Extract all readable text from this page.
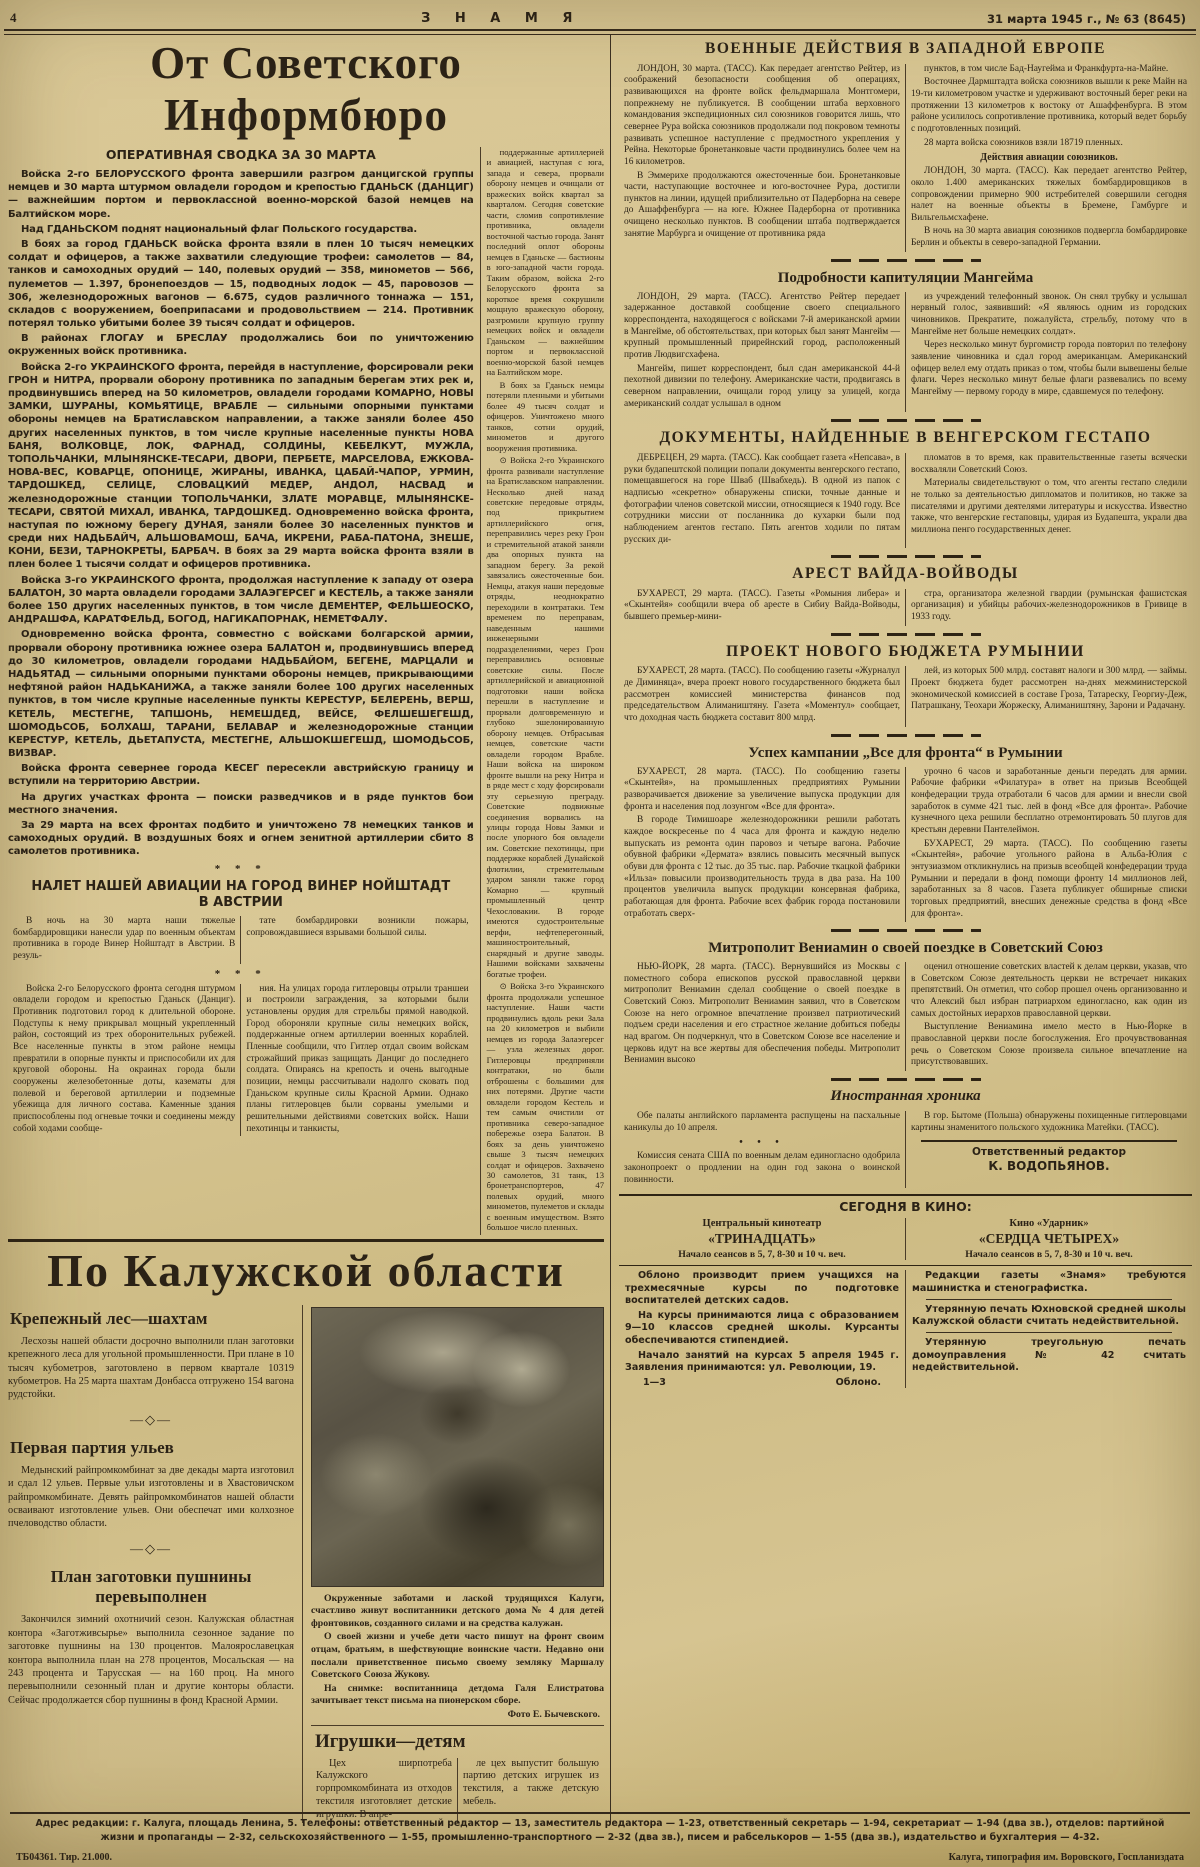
4	З Н А М Я	31 марта 1945 г., № 63 (8645)
От Советского Информбюро
ОПЕРАТИВНАЯ СВОДКА ЗА 30 МАРТА

Войска 2-го БЕЛОРУССКОГО фронта завершили разгром данцигской группы немцев и 30 марта штурмом овладели городом и крепостью ГДАНЬСК (ДАНЦИГ) — важнейшим портом и первоклассной военно-морской базой немцев на Балтийском море.

Над ГДАНЬСКОМ поднят национальный флаг Польского государства.

В боях за город ГДАНЬСК войска фронта взяли в плен 10 тысяч немецких солдат и офицеров, а также захватили следующие трофеи: самолетов — 84, танков и самоходных орудий — 140, полевых орудий — 358, минометов — 566, пулеметов — 1.397, бронепоездов — 15, подводных лодок — 45, паровозов — 306, железнодорожных вагонов — 6.675, судов различного тоннажа — 151, складов с вооружением, боеприпасами и продовольствием — 214. Противник потерял только убитыми более 39 тысяч солдат и офицеров.

В районах ГЛОГАУ и БРЕСЛАУ продолжались бои по уничтожению окруженных войск противника.

Войска 2-го УКРАИНСКОГО фронта, перейдя в наступление, форсировали реки ГРОН и НИТРА, прорвали оборону противника по западным берегам этих рек и, продвинувшись вперед на 50 километров, овладели городами КОМАРНО, НОВЫ ЗАМКИ, ШУРАНЫ, КОМЬЯТИЦЕ, ВРАБЛЕ — сильными опорными пунктами обороны немцев на Братиславском направлении, а также заняли более 450 других населенных пунктов, в том числе крупные населенные пункты НОВА БАНЯ, ВОЛКОВЦЕ, ЛОК, ФАРНАД, СОЛДИНЫ, КЕБЕЛКУТ, МУЖЛА, ТОПОЛЬЧАНКИ, МЛЫНЯНСКЕ-ТЕСАРИ, ДВОРИ, ПЕРБЕТЕ, МАРСЕЛОВА, ЕЖКОВА-НОВА-ВЕС, КОВАРЦЕ, ОПОНИЦЕ, ЖИРАНЫ, ИВАНКА, ЦАБАЙ-ЧАПОР, УРМИН, ТАРДОШКЕД, СЕЛИЦЕ, СЛОВАЦКИЙ МЕДЕР, АНДОЛ, НАСВАД и железнодорожные станции ТОПОЛЬЧАНКИ, ЗЛАТЕ МОРАВЦЕ, МЛЫНЯНСКЕ-ТЕСАРИ, СВЯТОЙ МИХАЛ, ИВАНКА, ТАРДОШКЕД. Одновременно войска фронта, наступая по южному берегу ДУНАЯ, заняли более 30 населенных пунктов и среди них НАДЬБАЙЧ, АЛЬШОВАМОШ, БАЧА, ИКРЕНИ, РАБА-ПАТОНА, ЗНЕШЕ, КОНИ, БЕЗИ, ТАРНОКРЕТЫ, БАРБАЧ. В боях за 29 марта войска фронта взяли в плен более 1 тысячи солдат и офицеров противника.

Войска 3-го УКРАИНСКОГО фронта, продолжая наступление к западу от озера БАЛАТОН, 30 марта овладели городами ЗАЛАЭГЕРСЕГ и КЕСТЕЛЬ, а также заняли более 150 других населенных пунктов, в том числе ДЕМЕНТЕР, ФЕЛЬШЕОСКО, АНДРАШФА, КАРАТФЕЛЬД, БОГОД, НАГИКАПОРНАК, НЕМЕТФАЛУ.

Одновременно войска фронта, совместно с войсками болгарской армии, прорвали оборону противника южнее озера БАЛАТОН и, продвинувшись вперед до 30 километров, овладели городами НАДЬБАЙОМ, БЕГЕНЕ, МАРЦАЛИ и НАДЬЯТАД — сильными опорными пунктами обороны немцев, прикрывающими нефтяной район НАДЬКАНИЖА, а также заняли более 100 других населенных пунктов, в том числе крупные населенные пункты КЕРЕСТУР, БЕЛЕРЕНЬ, ВЕРШ, КЕТЕЛЬ, МЕСТЕГНЕ, ТАПШОНЬ, НЕМЕШДЕД, ВЕЙСЕ, ФЕЛШЕШЕГЕШД, ШОМОДЬСОБ, БОЛХАШ, ТАРАНИ, БЕЛАВАР и железнодорожные станции КЕРЕСТУР, КЕТЕЛЬ, ДЬЕТАПУСТА, МЕСТЕГНЕ, АЛЬШОКШЕГЕШД, ШОМОДЬСОБ, ВИЗВАР.

Войска фронта севернее города КЕСЕГ пересекли австрийскую границу и вступили на территорию Австрии.

На других участках фронта — поиски разведчиков и в ряде пунктов бои местного значения.

За 29 марта на всех фронтах подбито и уничтожено 78 немецких танков и самоходных орудий. В воздушных боях и огнем зенитной артиллерии сбито 8 самолетов противника.

* * *
НАЛЕТ НАШЕЙ АВИАЦИИ НА ГОРОД ВИНЕР НОЙШТАДТ В АВСТРИИ

В ночь на 30 марта наши тяжелые бомбардировщики нанесли удар по военным объектам противника в городе Винер Нойштадт в Австрии. В резуль-

тате бомбардировки возникли пожары, сопровождавшиеся взрывами большой силы.

* * *

Войска 2-го Белорусского фронта сегодня штурмом овладели городом и крепостью Гданьск (Данциг). Противник подготовил город к длительной обороне. Подступы к нему прикрывал мощный укрепленный район, состоящий из трех оборонительных рубежей. Все населенные пункты в этом районе немцы превратили в опорные пункты и приспособили их для круговой обороны. На окраинах города были сооружены железобетонные доты, казематы для полевой и береговой артиллерии и подземные убежища для личного состава. Каменные здания приспособлены под огневые точки и соединены между собой ходами сообще-

ния. На улицах города гитлеровцы отрыли траншеи и построили заграждения, за которыми были установлены орудия для стрельбы прямой наводкой. Город обороняли крупные силы немецких войск, поддержанные огнем артиллерии военных кораблей. Пленные сообщили, что Гитлер отдал своим войскам строжайший приказ защищать Данциг до последнего солдата. Опираясь на крепость и очень выгодные позиции, немцы рассчитывали надолго сковать под Гданьском крупные силы Красной Армии. Однако планы гитлеровцев были сорваны умелыми и решительными действиями советских войск. Наши пехотинцы и танкисты,

поддержанные артиллерией и авиацией, наступая с юга, запада и севера, прорвали оборону немцев и очищали от вражеских войск квартал за кварталом. Сегодня советские части, сломив сопротивление противника, овладели восточной частью города. Занят последний оплот обороны немцев в Гданьске — бастионы в юго-западной части города. Таким образом, войска 2-го Белорусского фронта за короткое время сокрушили мощную вражескую оборону, разгромили крупную группу немецких войск и овладели Гданьском — важнейшим портом и первоклассной военно-морской базой немцев на Балтийском море.

В боях за Гданьск немцы потеряли пленными и убитыми более 49 тысяч солдат и офицеров. Уничтожено много танков, сотни орудий, минометов и другого вооружения противника.

⊙ Войска 2-го Украинского фронта развивали наступление на Братиславском направлении. Несколько дней назад советские передовые отряды, под прикрытием артиллерийского огня, переправились через реку Грон и стремительной атакой заняли два опорных пункта на западном берегу. За рекой завязались ожесточенные бои. Немцы, атакуя наши передовые отряды, неоднократно переходили в контратаки. Тем временем по переправам, наведенным нашими инженерными подразделениями, через Грон переправились основные советские силы. После артиллерийской и авиационной подготовки наши войска перешли в наступление и прорвали долговременную и глубоко эшелонированную оборону немцев. Отбрасывая немцев, советские части овладели городом Врабле. Наши войска на широком фронте вышли на реку Нитра и в ряде мест с ходу форсировали эту серьезную преграду. Советские подвижные соединения ворвались на улицы города Новы Замки и после упорного боя овладели им. Советские пехотинцы, при поддержке кораблей Дунайской флотилии, стремительным ударом заняли также город Комарно — крупный промышленный центр Чехословакии. В городе имеются судостроительные верфи, нефтеперегонный, машиностроительный, снарядный и другие заводы. Нашими войсками захвачены богатые трофеи.

⊙ Войска 3-го Украинского фронта продолжали успешное наступление. Наши части продвинулись вдоль реки Зала на 20 километров и выбили немцев из города Залаэгерсег — узла железных дорог. Гитлеровцы предприняли контратаки, но были отброшены с большими для них потерями. Другие части овладели городом Кестель и тем самым очистили от противника северо-западное побережье озера Балатон. В боях за день уничтожено свыше 3 тысяч немецких солдат и офицеров. Захвачено 30 самолетов, 31 танк, 13 бронетранспортеров, 47 полевых орудий, много минометов, пулеметов и склады с военным имуществом. Взято большое число пленных.

По Калужской области
Крепежный лес—шахтам

Лесхозы нашей области досрочно выполнили план заготовки крепежного леса для угольной промышленности. При плане в 10 тысяч кубометров, заготовлено в первом квартале 10319 кубометров. На 25 марта шахтам Донбасса отгружено 154 вагона рудстойки.

—◇—
Первая партия ульев

Медынский райпромкомбинат за две декады марта изготовил и сдал 12 ульев. Первые ульи изготовлены и в Хвастовичском райпромкомбинате. Девять райпромкомбинатов нашей области осваивают изготовление ульев. Они обеспечат ими колхозное пчеловодство области.

—◇—
План заготовки пушнины перевыполнен

Закончился зимний охотничий сезон. Калужская областная контора «Заготживсырье» выполнила сезонное задание по заготовке пушнины на 130 процентов. Малоярославецкая контора выполнила план на 278 процентов, Мосальская — на 243 процента и Тарусская — на 160 проц. На много перевыполнили сезонный план и другие конторы области. Сейчас продолжается сбор пушнины в фонд Красной Армии.

Окруженные заботами и лаской трудящихся Калуги, счастливо живут воспитанники детского дома № 4 для детей фронтовиков, созданного силами и на средства калужан.

О своей жизни и учебе дети часто пишут на фронт своим отцам, братьям, в шефствующие воинские части. Недавно они послали приветственное письмо своему земляку Маршалу Советского Союза Жукову.

На снимке: воспитанница детдома Галя Елистратова зачитывает текст письма на пионерском сборе.

Фото Е. Бычевского.
Игрушки—детям

Цех ширпотреба Калужского горпромкомбината из отходов текстиля изготовляет детские игрушки. В апре-

ле цех выпустит большую партию детских игрушек из текстиля, а также детскую мебель.

ВОЕННЫЕ ДЕЙСТВИЯ В ЗАПАДНОЙ ЕВРОПЕ

ЛОНДОН, 30 марта. (ТАСС). Как передает агентство Рейтер, из соображений безопасности сообщения об операциях, развивающихся на фронте войск фельдмаршала Монтгомери, попрежнему не публикуется. В сообщении штаба верховного командования экспедиционных сил союзников говорится лишь, что севернее Рура войска союзников продолжали под покровом темноты развивать успешное наступление с предмостного укрепления у Рейна. Некоторые бронетанковые части продвинулись более чем на 16 километров.

В Эммерихе продолжаются ожесточенные бои. Бронетанковые части, наступающие восточнее и юго-восточнее Рура, достигли пунктов на линии, идущей приблизительно от Падерборна на севере до Ашаффенбурга — на юге. Южнее Падерборна от противника очищено несколько пунктов. В сообщении штаба подтверждается занятие Марбурга и очищение от противника ряда

пунктов, в том числе Бад-Наугейма и Франкфурта-на-Майне.

Восточнее Дармштадта войска союзников вышли к реке Майн на 19-ти километровом участке и удерживают восточный берег реки на протяжении 13 километров к востоку от Ашаффенбурга. В этом районе усилилось сопротивление противника, который ведет борьбу с подготовленных позиций.

28 марта войска союзников взяли 18719 пленных.

Действия авиации союзников.

ЛОНДОН, 30 марта. (ТАСС). Как передает агентство Рейтер, около 1.400 американских тяжелых бомбардировщиков в сопровождении примерно 900 истребителей совершили сегодня налет на военные объекты в Бремене, Гамбурге и Вильгельмсхафене.

В ночь на 30 марта авиация союзников подвергла бомбардировке Берлин и объекты в северо-западной Германии.

Подробности капитуляции Мангейма

ЛОНДОН, 29 марта. (ТАСС). Агентство Рейтер передает задержанное доставкой сообщение своего специального корреспондента, находящегося с войсками 7-й американской армии в Мангейме, об обстоятельствах, при которых был занят Мангейм — крупный промышленный прирейнский город, расположенный против Людвигсхафена.

Мангейм, пишет корреспондент, был сдан американской 44-й пехотной дивизии по телефону. Американские части, продвигаясь в северном направлении, очищали город улицу за улицей, когда американский солдат услышал в одном

из учреждений телефонный звонок. Он снял трубку и услышал нервный голос, заявивший: «Я являюсь одним из городских чиновников. Прекратите, пожалуйста, стрельбу, потому что в Мангейме нет больше немецких солдат».

Через несколько минут бургомистр города повторил по телефону заявление чиновника и сдал город американцам. Американский офицер велел ему отдать приказ о том, чтобы были вывешены белые флаги. Через несколько минут белые флаги развевались по всему Мангейму — первому городу в мире, сдавшемуся по телефону.

ДОКУМЕНТЫ, НАЙДЕННЫЕ В ВЕНГЕРСКОМ ГЕСТАПО

ДЕБРЕЦЕН, 29 марта. (ТАСС). Как сообщает газета «Непсава», в руки будапештской полиции попали документы венгерского гестапо, помещавшегося на горе Шваб (Швабхедь). В одной из папок с надписью «секретно» обнаружены списки, точные данные и фотографии членов советской миссии, относящиеся к 1940 году. Все сотрудники миссии от посланника до кухарки были под наблюдением агентов гестапо. Пять агентов ходили по пятам русских ди-

пломатов в то время, как правительственные газеты всячески восхваляли Советский Союз.

Материалы свидетельствуют о том, что агенты гестапо следили не только за деятельностью дипломатов и политиков, но также за писателями и другими деятелями литературы и искусства. Известно также, что венгерские гестаповцы, удирая из Будапешта, украли два миллиона пенго государственных денег.

АРЕСТ ВАЙДА-ВОЙВОДЫ

БУХАРЕСТ, 29 марта. (ТАСС). Газеты «Ромыния либера» и «Скынтейя» сообщили вчера об аресте в Сибиу Вайда-Войводы, бывшего премьер-мини-

стра, организатора железной гвардии (румынская фашистская организация) и убийцы рабочих-железнодорожников в Гривице в 1933 году.

ПРОЕКТ НОВОГО БЮДЖЕТА РУМЫНИИ

БУХАРЕСТ, 28 марта. (ТАСС). По сообщению газеты «Журналул де Диминяца», вчера проект нового государственного бюджета был рассмотрен комиссией министерства финансов под председательством Алимаништяну. Газета «Моментул» сообщает, что доходная часть бюджета составит 800 млрд.

лей, из которых 500 млрд. составят налоги и 300 млрд. — займы. Проект бюджета будет рассмотрен на-днях межминистерской экономической комиссией в составе Гроза, Татареску, Георгиу-Деж, Патрашкану, Теохари Жоржеску, Алимаништяну, Зарони и Радачану.

Успех кампании „Все для фронта“ в Румынии

БУХАРЕСТ, 28 марта. (ТАСС). По сообщению газеты «Скынтейя», на промышленных предприятиях Румынии разворачивается движение за увеличение выпуска продукции для фронта и населения под лозунгом «Все для фронта».

В городе Тимишоаре железнодорожники решили работать каждое воскресенье по 4 часа для фронта и каждую неделю выпускать из ремонта один паровоз и четыре вагона. Рабочие обувной фабрики «Дермата» взялись повысить месячный выпуск обуви для фронта с 12 тыс. до 35 тыс. пар. Рабочие ткацкой фабрики «Ильза» повысили производительность труда в два раза. На 100 процентов увеличила выпуск продукции консервная фабрика, работающая для фронта. Рабочие всех фабрик города постановили отработать сверх-

урочно 6 часов и заработанные деньги передать для армии. Рабочие фабрики «Филатура» в ответ на призыв Всеобщей конфедерации труда отработали 6 часов для армии и внесли свой заработок в сумме 421 тыс. лей в фонд «Все для фронта». Рабочие кузнечного цеха решили бесплатно отремонтировать 50 плугов для крестьян деревни Пантелеймон.

БУХАРЕСТ, 29 марта. (ТАСС). По сообщению газеты «Скынтейя», рабочие угольного района в Альба-Юлия с энтузиазмом откликнулись на призыв всеобщей конфедерации труда Румынии и передали в фонд помощи фронту 14 миллионов лей, заработанных за 8 часов. Газета публикует обширные списки торговых предприятий, внесших денежные средства в фонд «Все для фронта».

Митрополит Вениамин о своей поездке в Советский Союз

НЬЮ-ЙОРК, 28 марта. (ТАСС). Вернувшийся из Москвы с поместного собора епископов русской православной церкви митрополит Вениамин сделал сообщение о своей поездке в Советский Союз. Митрополит Вениамин заявил, что в Советском Союзе на него огромное впечатление произвел патриотический подъем среди населения и его страстное желание добиться победы над врагом. Он подчеркнул, что в Советском Союзе все население и церковь идут на все жертвы для обеспечения победы. Митрополит Вениамин высоко

оценил отношение советских властей к делам церкви, указав, что в Советском Союзе деятельность церкви не встречает никаких препятствий. Он отметил, что собор прошел очень организованно и что Алексий был избран патриархом единогласно, как один из самых достойных иерархов православной церкви.

Выступление Вениамина имело место в Нью-Йорке в православной церкви после богослужения. Его прочувствованная речь о Советском Союзе произвела сильное впечатление на присутствовавших.

Иностранная хроника

Обе палаты английского парламента распущены на пасхальные каникулы до 10 апреля.

• • •

Комиссия сената США по военным делам единогласно одобрила законопроект о продлении на один год закона о воинской повинности.

В гор. Бытоме (Польша) обнаружены похищенные гитлеровцами картины знаменитого польского художника Матейки. (ТАСС).

Ответственный редактор
К. ВОДОПЬЯНОВ.
СЕГОДНЯ В КИНО:
Центральный кинотеатр
«ТРИНАДЦАТЬ»
Начало сеансов в 5, 7, 8-30 и 10 ч. веч.
Кино «Ударник»
«СЕРДЦА ЧЕТЫРЕХ»
Начало сеансов в 5, 7, 8-30 и 10 ч. веч.

Облоно производит прием учащихся на трехмесячные курсы по подготовке воспитателей детских садов.

На курсы принимаются лица с образованием 9—10 классов средней школы. Курсанты обеспечиваются стипендией.

Начало занятий на курсах 5 апреля 1945 г. Заявления принимаются: ул. Революции, 19.

1—3	Облоно.

Редакции газеты «Знамя» требуются машинистка и стенографистка.

Утерянную печать Юхновской средней школы Калужской области считать недействительной.

Утерянную треугольную печать домоуправления № 42 считать недействительной.

Адрес редакции: г. Калуга, площадь Ленина, 5. Телефоны: ответственный редактор — 13, заместитель редактора — 1-23, ответственный секретарь — 1-94, секретариат — 1-94 (два зв.), отделов: партийной
жизни и пропаганды — 2-32, сельскохозяйственного — 1-55, промышленно-транспортного — 2-32 (два зв.), писем и рабселькоров — 1-55 (два зв.), издательство и бухгалтерия — 4-32.
ТБ04361. Тир. 21.000.	Калуга, типография им. Воровского, Госпланиздата
